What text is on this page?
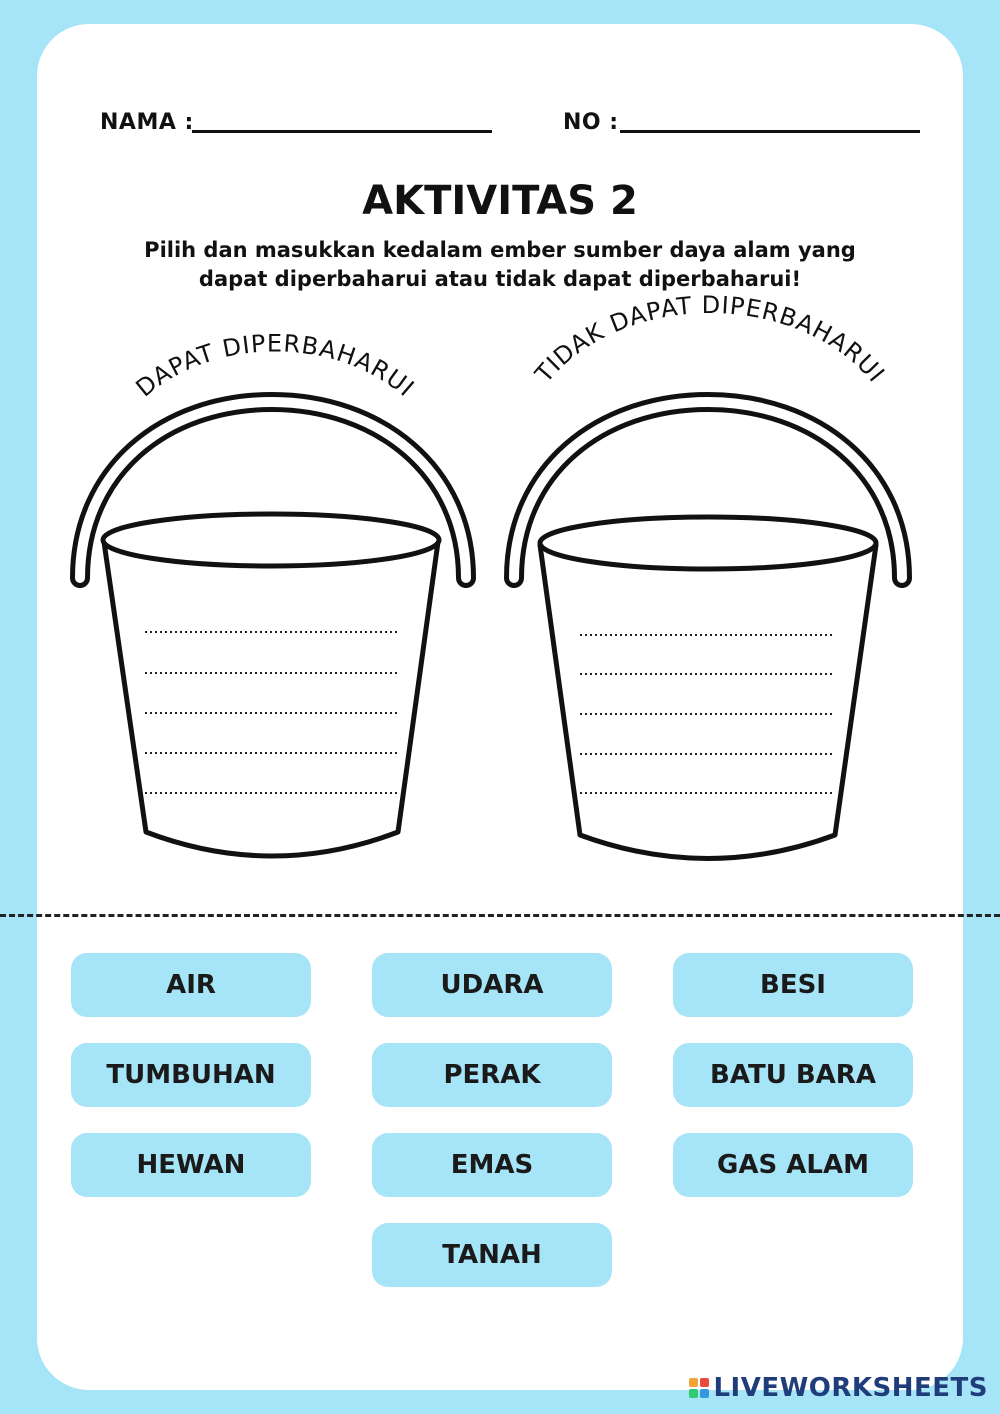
NAMA :	NO :
AKTIVITAS 2
Pilih dan masukkan kedalam ember sumber daya alam yang
dapat diperbaharui atau tidak dapat diperbaharui!
DAPAT DIPERBAHARUI
TIDAK DAPAT DIPERBAHARUI
AIR	UDARA	BESI
TUMBUHAN	PERAK	BATU BARA
HEWAN	EMAS	GAS ALAM
TANAH
LIVEWORKSHEETS
